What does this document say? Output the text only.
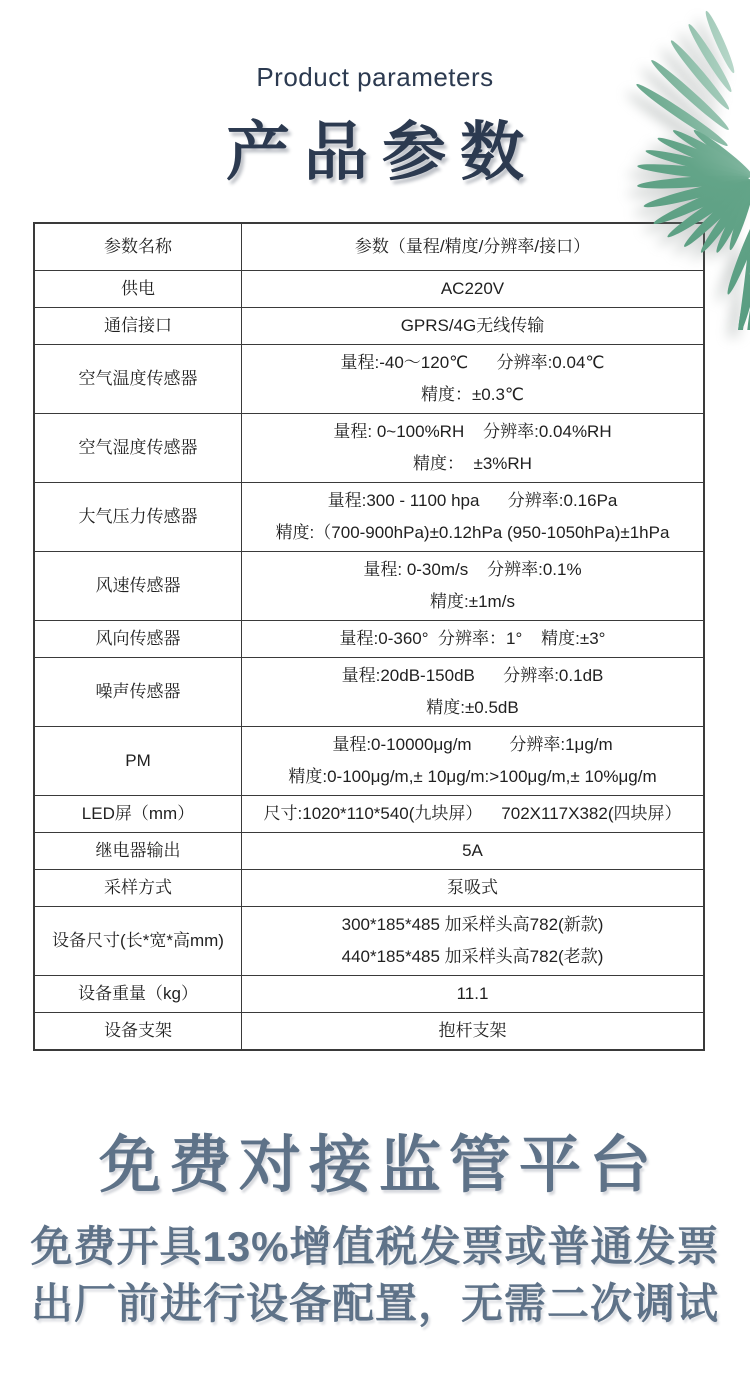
Product parameters
产品参数
参数名称	参数（量程/精度/分辨率/接口）

供电	AC220V

通信接口	GPRS/4G无线传输

空气温度传感器	量程:-40～120℃      分辨率:0.04℃
精度：±0.3℃

空气湿度传感器	量程: 0~100%RH    分辨率:0.04%RH
精度：  ±3%RH

大气压力传感器	量程:300 - 1100 hpa      分辨率:0.16Pa
精度:（700-900hPa)±0.12hPa (950-1050hPa)±1hPa

风速传感器	量程: 0-30m/s    分辨率:0.1%
精度:±1m/s

风向传感器	量程:0-360°  分辨率：1°    精度:±3°

噪声传感器	量程:20dB-150dB      分辨率:0.1dB
精度:±0.5dB

PM	量程:0-10000μg/m        分辨率:1μg/m
精度:0-100μg/m,± 10μg/m:>100μg/m,± 10%μg/m

LED屏（mm）	尺寸:1020*110*540(九块屏）    702X117X382(四块屏）

继电器输出	5A

采样方式	泵吸式

设备尺寸(长*宽*高mm)	300*185*485 加采样头高782(新款)
440*185*485 加采样头高782(老款)

设备重量（kg）	11.1

设备支架	抱杆支架
免费对接监管平台
免费开具13%增值税发票或普通发票
出厂前进行设备配置，无需二次调试
